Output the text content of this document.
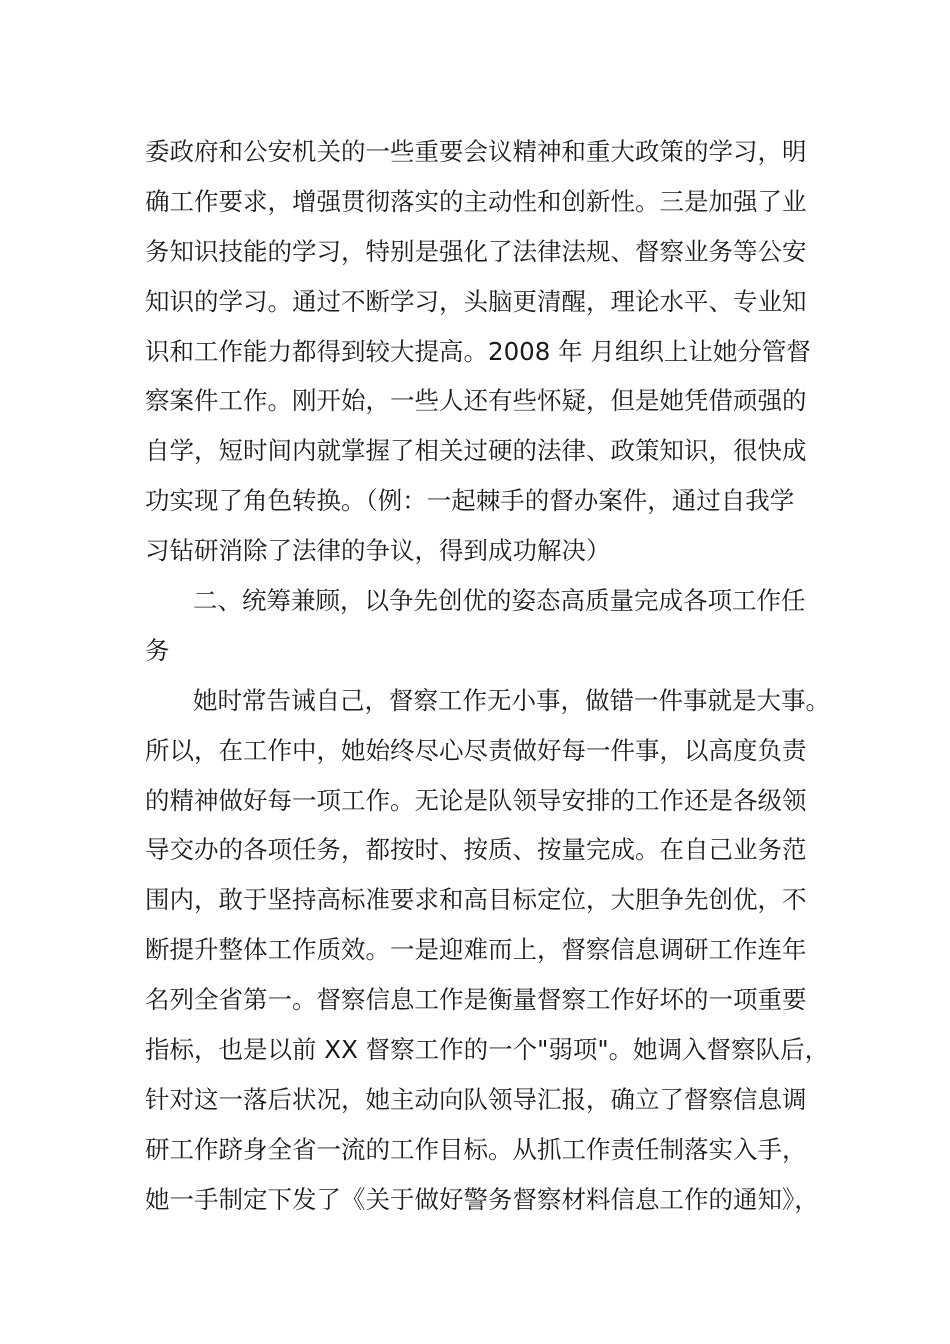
委政府和公安机关的一些重要会议精神和重大政策的学习，明
确工作要求，增强贯彻落实的主动性和创新性。三是加强了业
务知识技能的学习，特别是强化了法律法规、督察业务等公安
知识的学习。通过不断学习，头脑更清醒，理论水平、专业知
识和工作能力都得到较大提高。2008 年 月组织上让她分管督
察案件工作。刚开始，一些人还有些怀疑，但是她凭借顽强的
自学，短时间内就掌握了相关过硬的法律、政策知识，很快成
功实现了角色转换。（例：一起棘手的督办案件，通过自我学
习钻研消除了法律的争议，得到成功解决）
二、统筹兼顾，以争先创优的姿态高质量完成各项工作任
务
她时常告诫自己，督察工作无小事，做错一件事就是大事。
所以，在工作中，她始终尽心尽责做好每一件事，以高度负责
的精神做好每一项工作。无论是队领导安排的工作还是各级领
导交办的各项任务，都按时、按质、按量完成。在自己业务范
围内，敢于坚持高标准要求和高目标定位，大胆争先创优，不
断提升整体工作质效。一是迎难而上，督察信息调研工作连年
名列全省第一。督察信息工作是衡量督察工作好坏的一项重要
指标，也是以前 XX 督察工作的一个"弱项"。她调入督察队后，
针对这一落后状况，她主动向队领导汇报，确立了督察信息调
研工作跻身全省一流的工作目标。从抓工作责任制落实入手，
她一手制定下发了《关于做好警务督察材料信息工作的通知》，
